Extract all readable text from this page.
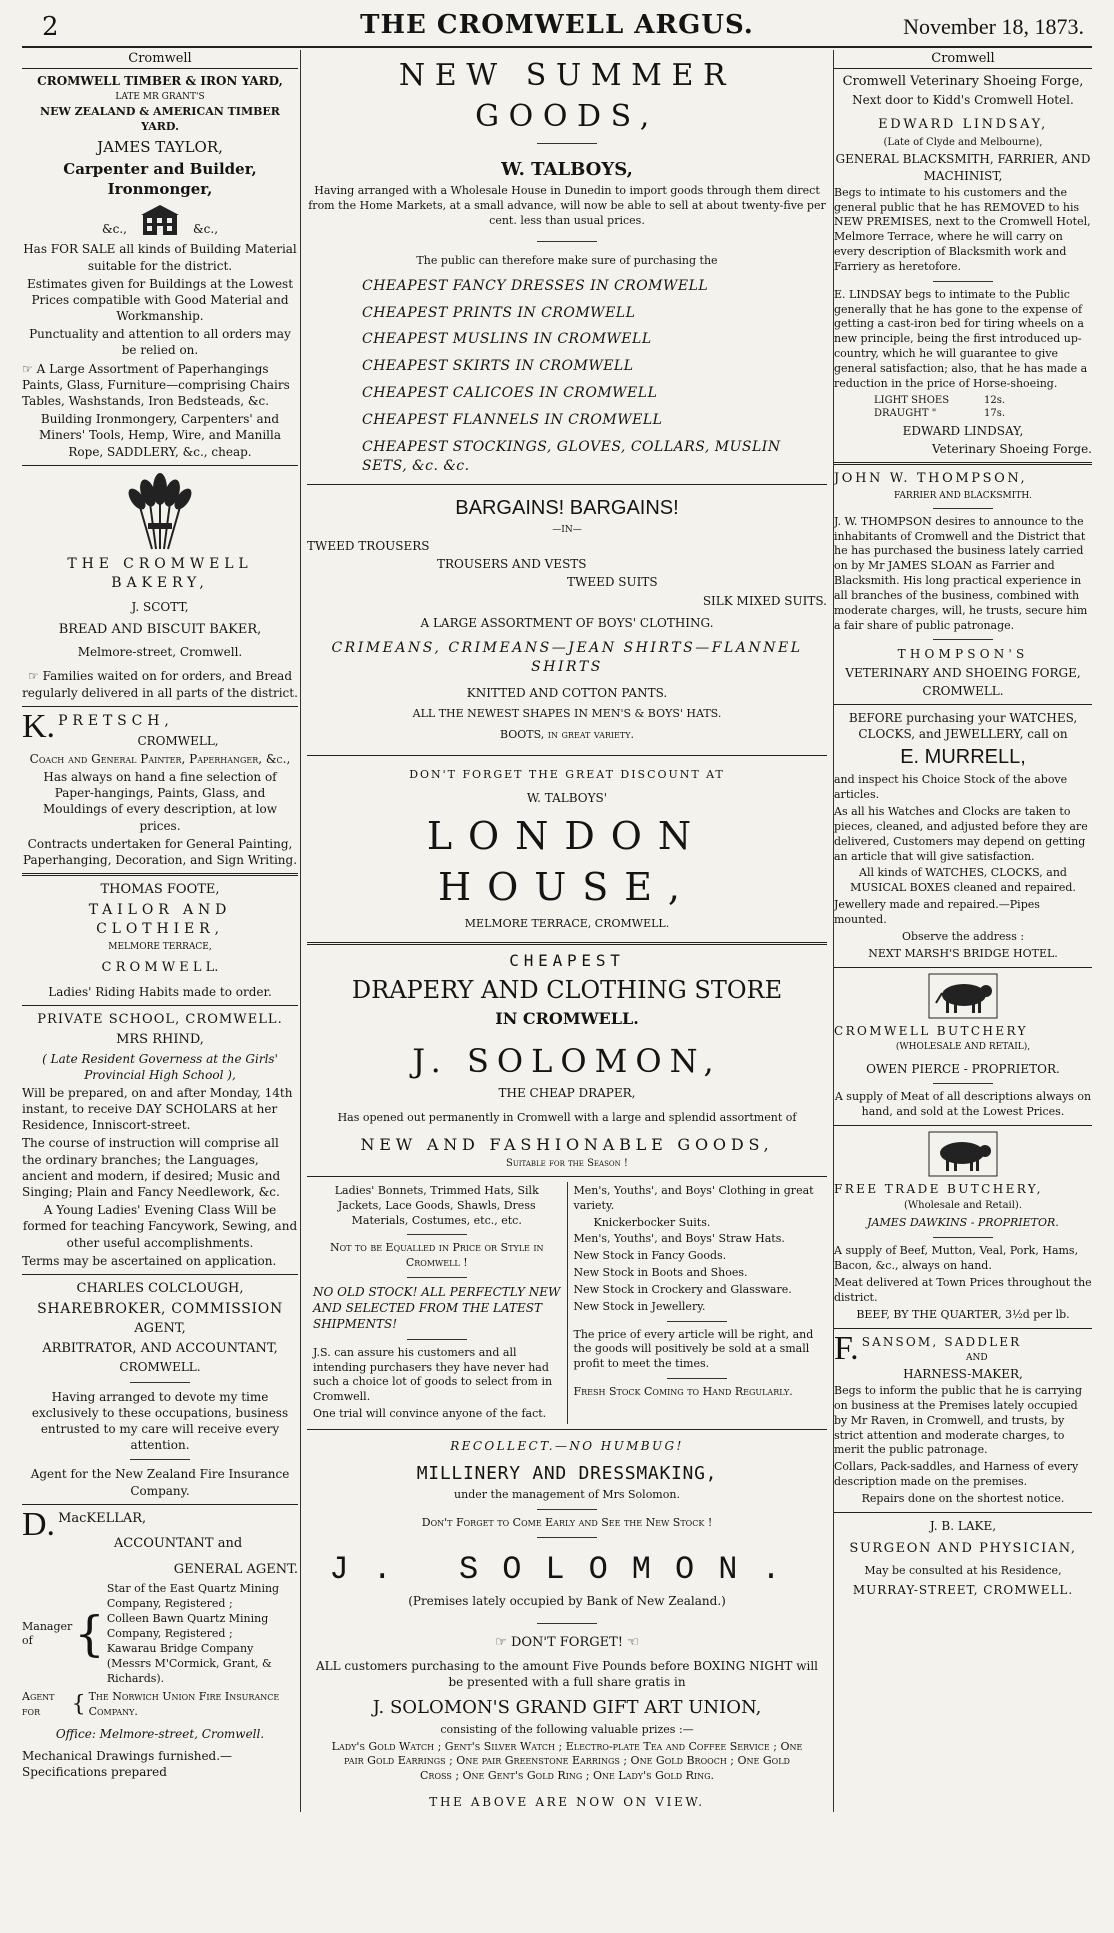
2	THE CROMWELL ARGUS.	November 18, 1873.
Cromwell

CROMWELL TIMBER & IRON YARD,

LATE MR GRANT'S

NEW ZEALAND & AMERICAN TIMBER YARD.

JAMES TAYLOR,

Carpenter and Builder, Ironmonger,

&c.,	&c.,

Has FOR SALE all kinds of Building Material suitable for the district.

Estimates given for Buildings at the Lowest Prices compatible with Good Material and Workmanship.

Punctuality and attention to all orders may be relied on.

☞ A Large Assortment of Paperhangings Paints, Glass, Furniture—comprising Chairs Tables, Washstands, Iron Bedsteads, &c.

Building Ironmongery, Carpenters' and Miners' Tools, Hemp, Wire, and Manilla Rope, SADDLERY, &c., cheap.

THE CROMWELL BAKERY,

J. SCOTT,

BREAD AND BISCUIT BAKER,

Melmore-street, Cromwell.

☞ Families waited on for orders, and Bread regularly delivered in all parts of the district.

K. PRETSCH,

CROMWELL,

Coach and General Painter, Paperhanger, &c.,

Has always on hand a fine selection of Paper-hangings, Paints, Glass, and Mouldings of every description, at low prices.

Contracts undertaken for General Painting, Paperhanging, Decoration, and Sign Writing.

THOMAS FOOTE,

TAILOR AND CLOTHIER,

MELMORE TERRACE,

C R O M W E L L.

Ladies' Riding Habits made to order.

PRIVATE SCHOOL, CROMWELL.

MRS RHIND,

( Late Resident Governess at the Girls' Provincial High School ),

Will be prepared, on and after Monday, 14th instant, to receive DAY SCHOLARS at her Residence, Inniscort-street.

The course of instruction will comprise all the ordinary branches; the Languages, ancient and modern, if desired; Music and Singing; Plain and Fancy Needlework, &c.

A Young Ladies' Evening Class Will be formed for teaching Fancywork, Sewing, and other useful accomplishments.

Terms may be ascertained on application.

CHARLES COLCLOUGH,

SHAREBROKER, COMMISSION

AGENT,

ARBITRATOR, AND ACCOUNTANT,

CROMWELL.

Having arranged to devote my time exclusively to these occupations, business entrusted to my care will receive every attention.

Agent for the New Zealand Fire Insurance Company.

D. MacKELLAR,

ACCOUNTANT and

GENERAL AGENT.

Manager of {
Star of the East Quartz Mining Company, Registered ;
Colleen Bawn Quartz Mining Company, Registered ;
Kawarau Bridge Company (Messrs M'Cormick, Grant, & Richards).
Agent for	{ The Norwich Union Fire Insurance Company.

Office: Melmore-street, Cromwell.

Mechanical Drawings furnished.—Specifications prepared

NEW SUMMER GOODS,

W. TALBOYS,

Having arranged with a Wholesale House in Dunedin to import goods through them direct from the Home Markets, at a small advance, will now be able to sell at about twenty-five per cent. less than usual prices.

The public can therefore make sure of purchasing the

CHEAPEST FANCY DRESSES IN CROMWELL

CHEAPEST PRINTS IN CROMWELL

CHEAPEST MUSLINS IN CROMWELL

CHEAPEST SKIRTS IN CROMWELL

CHEAPEST CALICOES IN CROMWELL

CHEAPEST FLANNELS IN CROMWELL

CHEAPEST STOCKINGS, GLOVES, COLLARS, MUSLIN SETS, &c. &c.

BARGAINS! BARGAINS!

—IN—

TWEED TROUSERS

TROUSERS AND VESTS

TWEED SUITS

SILK MIXED SUITS.

A LARGE ASSORTMENT OF BOYS' CLOTHING.

CRIMEANS, CRIMEANS—JEAN SHIRTS—FLANNEL SHIRTS

KNITTED AND COTTON PANTS.

ALL THE NEWEST SHAPES IN MEN'S & BOYS' HATS.

BOOTS, in great variety.

DON'T FORGET THE GREAT DISCOUNT AT

W. TALBOYS'

LONDON HOUSE,

MELMORE TERRACE, CROMWELL.

CHEAPEST

DRAPERY AND CLOTHING STORE

IN CROMWELL.

J. SOLOMON,

THE CHEAP DRAPER,

Has opened out permanently in Cromwell with a large and splendid assortment of

NEW AND FASHIONABLE GOODS,

Suitable for the Season !

Ladies' Bonnets, Trimmed Hats, Silk Jackets, Lace Goods, Shawls, Dress Materials, Costumes, etc., etc.

Not to be Equalled in Price or Style in Cromwell !

NO OLD STOCK! ALL PERFECTLY NEW AND SELECTED FROM THE LATEST SHIPMENTS!

J.S. can assure his customers and all intending purchasers they have never had such a choice lot of goods to select from in Cromwell.

One trial will convince anyone of the fact.

Men's, Youths', and Boys' Clothing in great variety.

Knickerbocker Suits.

Men's, Youths', and Boys' Straw Hats.

New Stock in Fancy Goods.

New Stock in Boots and Shoes.

New Stock in Crockery and Glassware.

New Stock in Jewellery.

The price of every article will be right, and the goods will positively be sold at a small profit to meet the times.

Fresh Stock Coming to Hand Regularly.

RECOLLECT.—NO HUMBUG!

MILLINERY AND DRESSMAKING,

under the management of Mrs Solomon.

Don't Forget to Come Early and See the New Stock !

J. SOLOMON.

(Premises lately occupied by Bank of New Zealand.)

☞ DON'T FORGET! ☜

ALL customers purchasing to the amount Five Pounds before BOXING NIGHT will be presented with a full share gratis in

J. SOLOMON'S GRAND GIFT ART UNION,

consisting of the following valuable prizes :—

Lady's Gold Watch ; Gent's Silver Watch ; Electro-plate Tea and Coffee Service ; One pair Gold Earrings ; One pair Greenstone Earrings ; One Gold Brooch ; One Gold Cross ; One Gent's Gold Ring ; One Lady's Gold Ring.

THE ABOVE ARE NOW ON VIEW.

Cromwell

Cromwell Veterinary Shoeing Forge,

Next door to Kidd's Cromwell Hotel.

EDWARD LINDSAY,

(Late of Clyde and Melbourne),

GENERAL BLACKSMITH, FARRIER, AND MACHINIST,

Begs to intimate to his customers and the general public that he has REMOVED to his NEW PREMISES, next to the Cromwell Hotel, Melmore Terrace, where he will carry on every description of Blacksmith work and Farriery as heretofore.

E. LINDSAY begs to intimate to the Public generally that he has gone to the expense of getting a cast-iron bed for tiring wheels on a new principle, being the first introduced up-country, which he will guarantee to give general satisfaction; also, that he has made a reduction in the price of Horse-shoeing.

LIGHT SHOES	12s.
DRAUGHT "	17s.

EDWARD LINDSAY,

Veterinary Shoeing Forge.

JOHN W. THOMPSON,

FARRIER AND BLACKSMITH.

J. W. THOMPSON desires to announce to the inhabitants of Cromwell and the District that he has purchased the business lately carried on by Mr JAMES SLOAN as Farrier and Blacksmith. His long practical experience in all branches of the business, combined with moderate charges, will, he trusts, secure him a fair share of public patronage.

THOMPSON'S

VETERINARY AND SHOEING FORGE,

CROMWELL.

BEFORE purchasing your WATCHES, CLOCKS, and JEWELLERY, call on

E. MURRELL,

and inspect his Choice Stock of the above articles.

As all his Watches and Clocks are taken to pieces, cleaned, and adjusted before they are delivered, Customers may depend on getting an article that will give satisfaction.

All kinds of WATCHES, CLOCKS, and MUSICAL BOXES cleaned and repaired.

Jewellery made and repaired.—Pipes mounted.

Observe the address :

NEXT MARSH'S BRIDGE HOTEL.

CROMWELL BUTCHERY

(WHOLESALE AND RETAIL),

OWEN PIERCE - PROPRIETOR.

A supply of Meat of all descriptions always on hand, and sold at the Lowest Prices.

FREE TRADE BUTCHERY,

(Wholesale and Retail).

JAMES DAWKINS - PROPRIETOR.

A supply of Beef, Mutton, Veal, Pork, Hams, Bacon, &c., always on hand.

Meat delivered at Town Prices throughout the district.

BEEF, BY THE QUARTER, 3½d per lb.

F. SANSOM, SADDLER

AND

HARNESS-MAKER,

Begs to inform the public that he is carrying on business at the Premises lately occupied by Mr Raven, in Cromwell, and trusts, by strict attention and moderate charges, to merit the public patronage.

Collars, Pack-saddles, and Harness of every description made on the premises.

Repairs done on the shortest notice.

J. B. LAKE,

SURGEON AND PHYSICIAN,

May be consulted at his Residence,

MURRAY-STREET, CROMWELL.
